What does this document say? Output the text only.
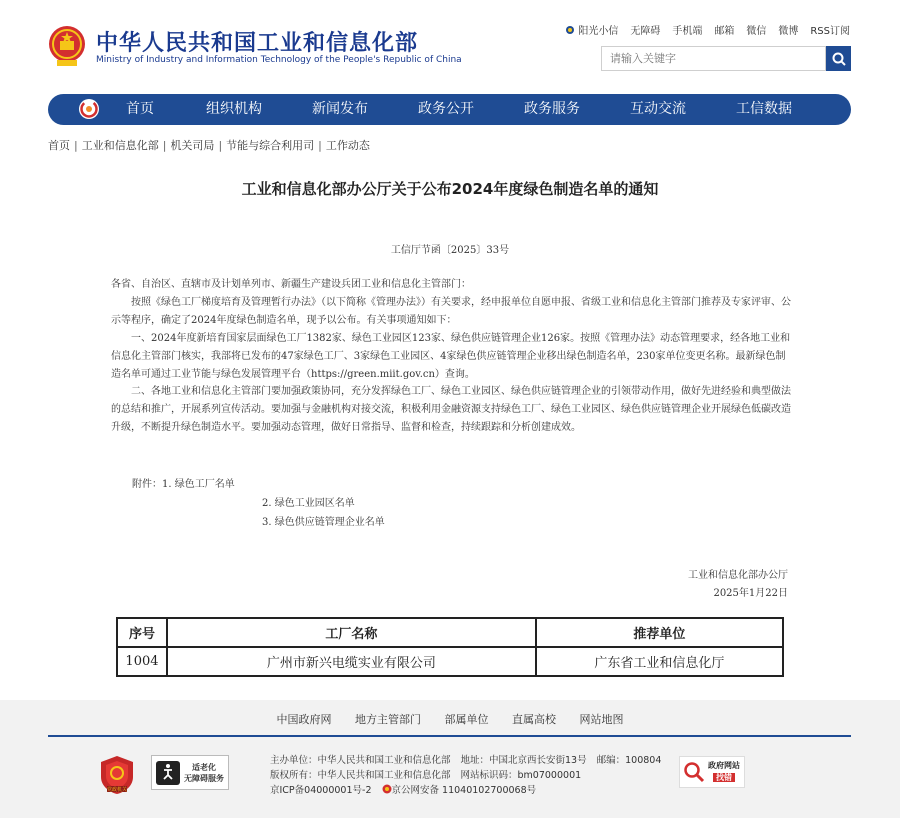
中华人民共和国工业和信息化部
Ministry of Industry and Information Technology of the People's Republic of China
阳光小信 无障碍 手机端 邮箱 微信 微博 RSS订阅
请输入关键字
首页	组织机构	新闻发布	政务公开	政务服务	互动交流	工信数据
首页 | 工业和信息化部 | 机关司局 | 节能与综合利用司 | 工作动态
工业和信息化部办公厅关于公布2024年度绿色制造名单的通知
工信厅节函〔2025〕33号
各省、自治区、直辖市及计划单列市、新疆生产建设兵团工业和信息化主管部门：
按照《绿色工厂梯度培育及管理暂行办法》（以下简称《管理办法》）有关要求，经申报单位自愿申报、省级工业和信息化主管部门推荐及专家评审、公示等程序，确定了2024年度绿色制造名单，现予以公布。有关事项通知如下：
一、2024年度新培育国家层面绿色工厂1382家、绿色工业园区123家、绿色供应链管理企业126家。按照《管理办法》动态管理要求，经各地工业和信息化主管部门核实，我部将已发布的47家绿色工厂、3家绿色工业园区、4家绿色供应链管理企业移出绿色制造名单，230家单位变更名称。最新绿色制造名单可通过工业节能与绿色发展管理平台（https://green.miit.gov.cn）查询。
二、各地工业和信息化主管部门要加强政策协同，充分发挥绿色工厂、绿色工业园区、绿色供应链管理企业的引领带动作用，做好先进经验和典型做法的总结和推广，开展系列宣传活动。要加强与金融机构对接交流，积极利用金融资源支持绿色工厂、绿色工业园区、绿色供应链管理企业开展绿色低碳改造升级，不断提升绿色制造水平。要加强动态管理，做好日常指导、监督和检查，持续跟踪和分析创建成效。
附件：1. 绿色工厂名单
2. 绿色工业园区名单
3. 绿色供应链管理企业名单
工业和信息化部办公厅
2025年1月22日
序号	工厂名称	推荐单位
1004	广州市新兴电缆实业有限公司	广东省工业和信息化厅
中国政府网 地方主管部门 部属单位 直属高校 网站地图
党政机关
适老化
无障碍服务
主办单位：中华人民共和国工业和信息化部 地址：中国北京西长安街13号 邮编：100804
版权所有：中华人民共和国工业和信息化部 网站标识码：bm07000001
京ICP备04000001号-2 京公网安备 11040102700068号
政府网站
找错
